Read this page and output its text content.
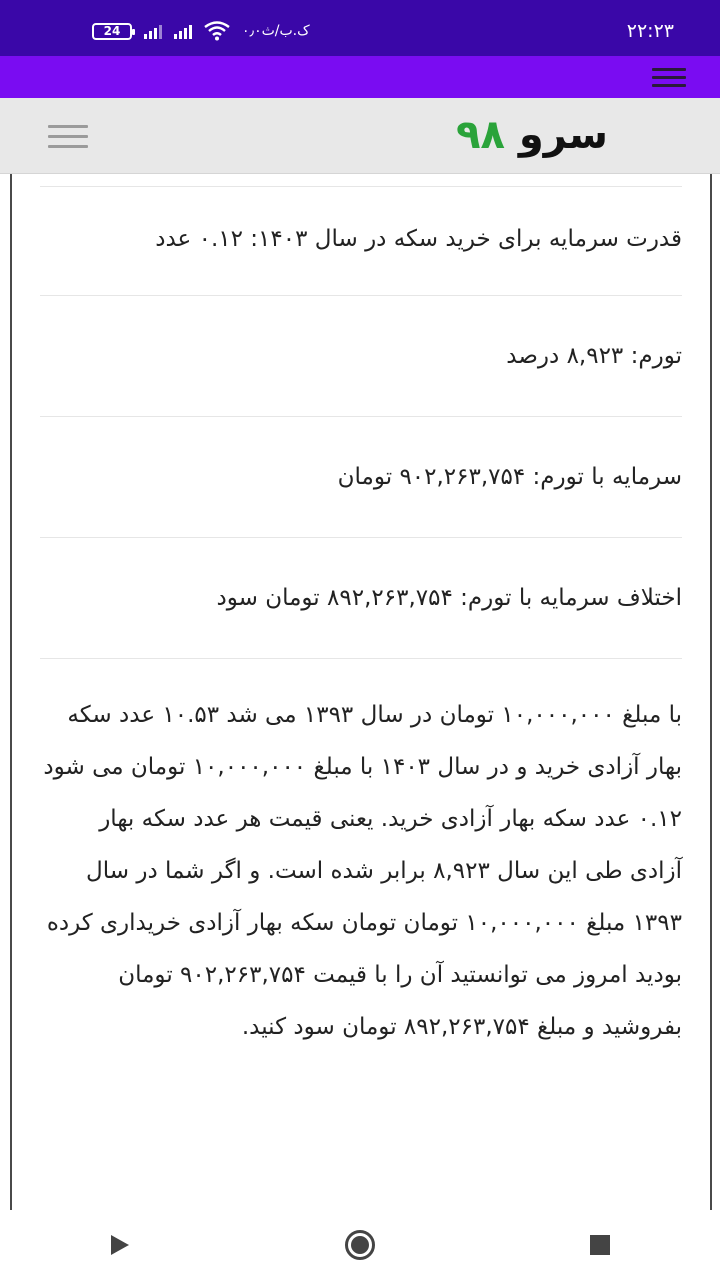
24	۰٫۰ک.ب/ث	۲۲:۲۳
سرو ۹۸
قدرت سرمایه برای خرید سکه در سال ۱۴۰۳: ۰.۱۲ عدد
تورم: ۸,۹۲۳ درصد
سرمایه با تورم: ۹۰۲,۲۶۳,۷۵۴ تومان
اختلاف سرمایه با تورم: ۸۹۲,۲۶۳,۷۵۴ تومان سود
با مبلغ ۱۰,۰۰۰,۰۰۰ تومان در سال ۱۳۹۳ می شد ۱۰.۵۳ عدد سکه بهار آزادی خرید و در سال ۱۴۰۳ با مبلغ ۱۰,۰۰۰,۰۰۰ تومان می شود ۰.۱۲ عدد سکه بهار آزادی خرید. یعنی قیمت هر عدد سکه بهار آزادی طی این سال ۸,۹۲۳ برابر شده است. و اگر شما در سال ۱۳۹۳ مبلغ ۱۰,۰۰۰,۰۰۰ تومان تومان سکه بهار آزادی خریداری کرده بودید امروز می توانستید آن را با قیمت ۹۰۲,۲۶۳,۷۵۴ تومان بفروشید و مبلغ ۸۹۲,۲۶۳,۷۵۴ تومان سود کنید.
